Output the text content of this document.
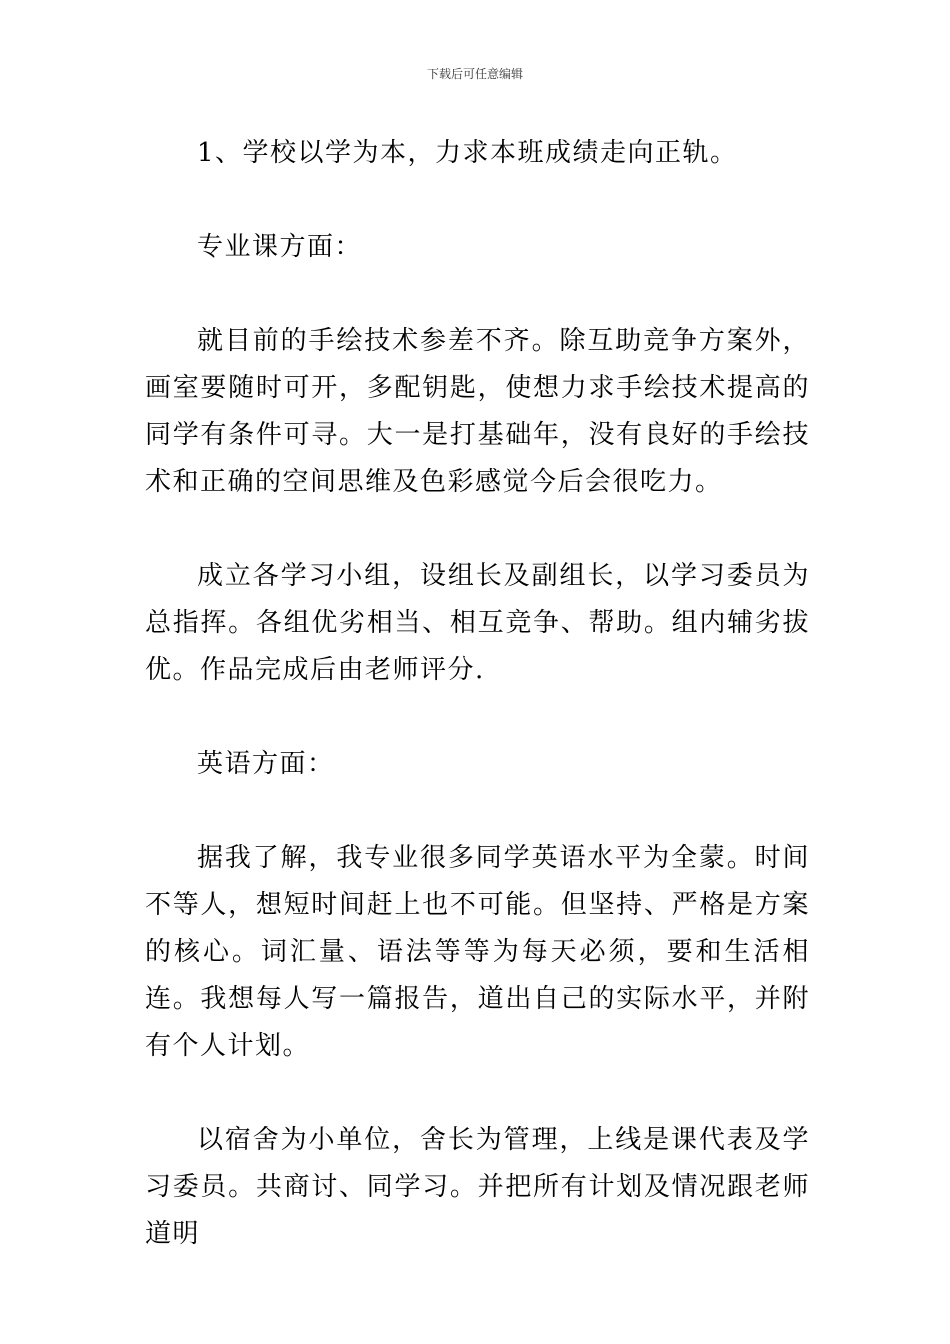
下载后可任意编辑

1、学校以学为本，力求本班成绩走向正轨。

专业课方面：

就目前的手绘技术参差不齐。除互助竞争方案外，画室要随时可开，多配钥匙，使想力求手绘技术提高的同学有条件可寻。大一是打基础年，没有良好的手绘技术和正确的空间思维及色彩感觉今后会很吃力。

成立各学习小组，设组长及副组长，以学习委员为总指挥。各组优劣相当、相互竞争、帮助。组内辅劣拔优。作品完成后由老师评分.

英语方面：

据我了解，我专业很多同学英语水平为全蒙。时间不等人，想短时间赶上也不可能。但坚持、严格是方案的核心。词汇量、语法等等为每天必须，要和生活相连。我想每人写一篇报告，道出自己的实际水平，并附有个人计划。

以宿舍为小单位，舍长为管理，上线是课代表及学习委员。共商讨、同学习。并把所有计划及情况跟老师道明
